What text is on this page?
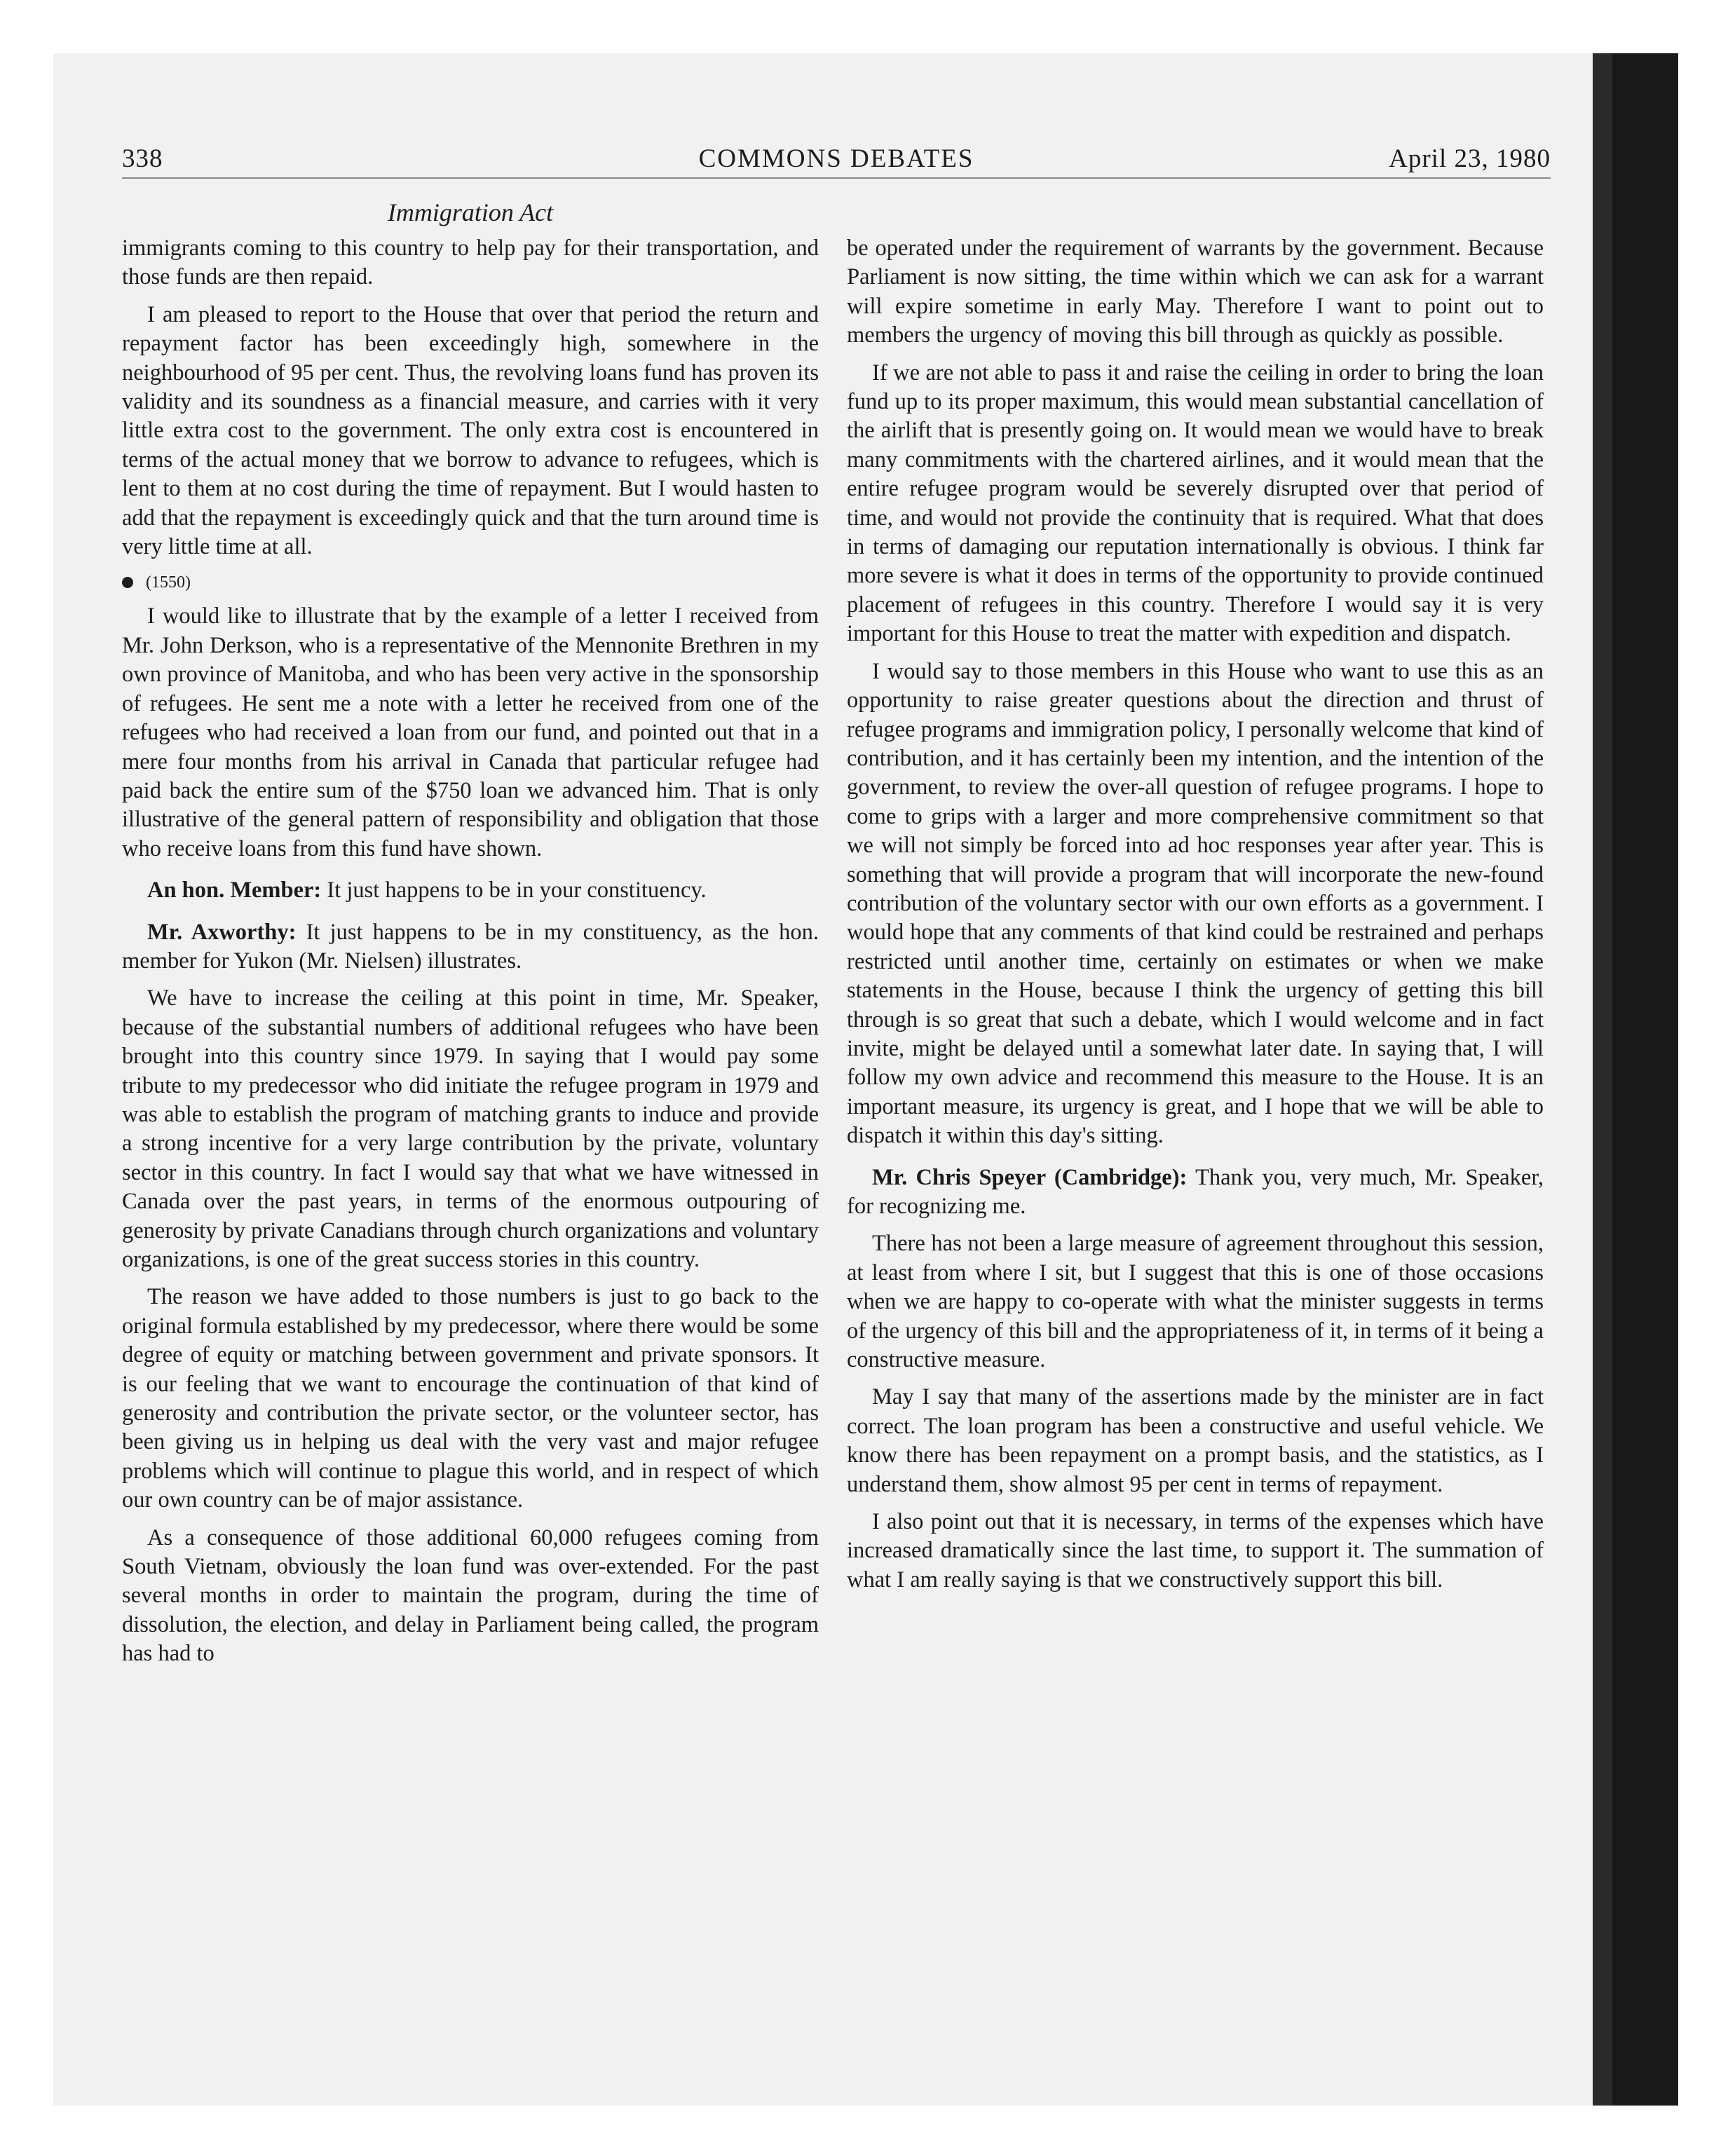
338	COMMONS DEBATES	April 23, 1980
Immigration Act

immigrants coming to this country to help pay for their transportation, and those funds are then repaid.

I am pleased to report to the House that over that period the return and repayment factor has been exceedingly high, somewhere in the neighbourhood of 95 per cent. Thus, the revolving loans fund has proven its validity and its soundness as a financial measure, and carries with it very little extra cost to the government. The only extra cost is encountered in terms of the actual money that we borrow to advance to refugees, which is lent to them at no cost during the time of repayment. But I would hasten to add that the repayment is exceedingly quick and that the turn around time is very little time at all.

(1550)

I would like to illustrate that by the example of a letter I received from Mr. John Derkson, who is a representative of the Mennonite Brethren in my own province of Manitoba, and who has been very active in the sponsorship of refugees. He sent me a note with a letter he received from one of the refugees who had received a loan from our fund, and pointed out that in a mere four months from his arrival in Canada that particular refugee had paid back the entire sum of the $750 loan we advanced him. That is only illustrative of the general pattern of responsibility and obligation that those who receive loans from this fund have shown.

An hon. Member: It just happens to be in your constituency.

Mr. Axworthy: It just happens to be in my constituency, as the hon. member for Yukon (Mr. Nielsen) illustrates.

We have to increase the ceiling at this point in time, Mr. Speaker, because of the substantial numbers of additional refugees who have been brought into this country since 1979. In saying that I would pay some tribute to my predecessor who did initiate the refugee program in 1979 and was able to establish the program of matching grants to induce and provide a strong incentive for a very large contribution by the private, voluntary sector in this country. In fact I would say that what we have witnessed in Canada over the past years, in terms of the enormous outpouring of generosity by private Canadians through church organizations and voluntary organizations, is one of the great success stories in this country.

The reason we have added to those numbers is just to go back to the original formula established by my predecessor, where there would be some degree of equity or matching between government and private sponsors. It is our feeling that we want to encourage the continuation of that kind of generosity and contribution the private sector, or the volunteer sector, has been giving us in helping us deal with the very vast and major refugee problems which will continue to plague this world, and in respect of which our own country can be of major assistance.

As a consequence of those additional 60,000 refugees coming from South Vietnam, obviously the loan fund was over-extended. For the past several months in order to maintain the program, during the time of dissolution, the election, and delay in Parliament being called, the program has had to

be operated under the requirement of warrants by the government. Because Parliament is now sitting, the time within which we can ask for a warrant will expire sometime in early May. Therefore I want to point out to members the urgency of moving this bill through as quickly as possible.

If we are not able to pass it and raise the ceiling in order to bring the loan fund up to its proper maximum, this would mean substantial cancellation of the airlift that is presently going on. It would mean we would have to break many commitments with the chartered airlines, and it would mean that the entire refugee program would be severely disrupted over that period of time, and would not provide the continuity that is required. What that does in terms of damaging our reputation internationally is obvious. I think far more severe is what it does in terms of the opportunity to provide continued placement of refugees in this country. Therefore I would say it is very important for this House to treat the matter with expedition and dispatch.

I would say to those members in this House who want to use this as an opportunity to raise greater questions about the direction and thrust of refugee programs and immigration policy, I personally welcome that kind of contribution, and it has certainly been my intention, and the intention of the government, to review the over-all question of refugee programs. I hope to come to grips with a larger and more comprehensive commitment so that we will not simply be forced into ad hoc responses year after year. This is something that will provide a program that will incorporate the new-found contribution of the voluntary sector with our own efforts as a government. I would hope that any comments of that kind could be restrained and perhaps restricted until another time, certainly on estimates or when we make statements in the House, because I think the urgency of getting this bill through is so great that such a debate, which I would welcome and in fact invite, might be delayed until a somewhat later date. In saying that, I will follow my own advice and recommend this measure to the House. It is an important measure, its urgency is great, and I hope that we will be able to dispatch it within this day's sitting.

Mr. Chris Speyer (Cambridge): Thank you, very much, Mr. Speaker, for recognizing me.

There has not been a large measure of agreement throughout this session, at least from where I sit, but I suggest that this is one of those occasions when we are happy to co-operate with what the minister suggests in terms of the urgency of this bill and the appropriateness of it, in terms of it being a constructive measure.

May I say that many of the assertions made by the minister are in fact correct. The loan program has been a constructive and useful vehicle. We know there has been repayment on a prompt basis, and the statistics, as I understand them, show almost 95 per cent in terms of repayment.

I also point out that it is necessary, in terms of the expenses which have increased dramatically since the last time, to support it. The summation of what I am really saying is that we constructively support this bill.
